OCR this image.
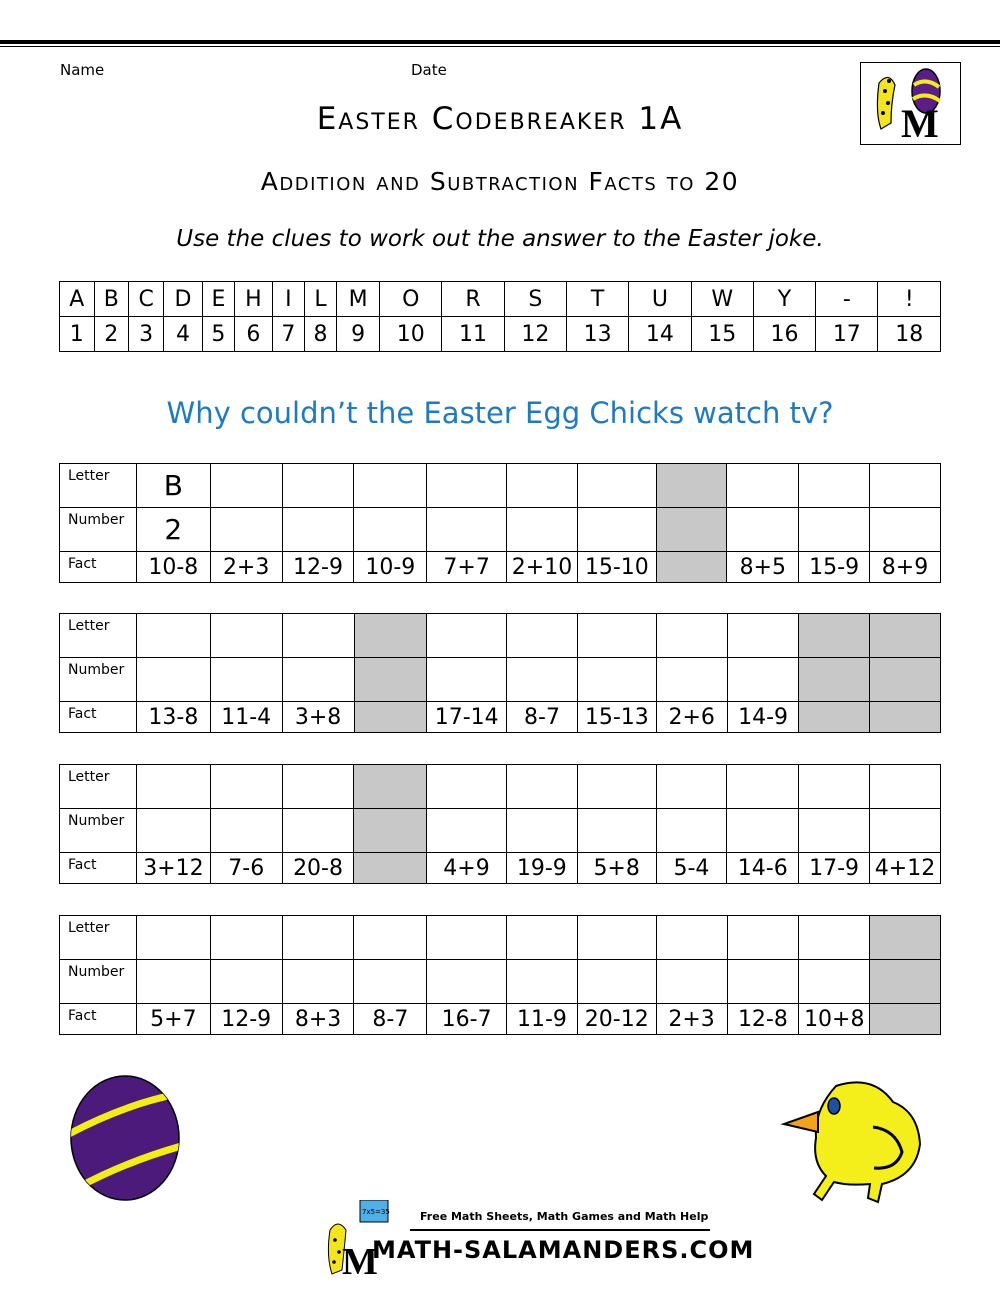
Name	Date
M
Easter Codebreaker 1A
Addition and Subtraction Facts to 20
Use the clues to work out the answer to the Easter joke.
A	B	C	D	E	H	I	L	M	O	R	S	T	U	W	Y	-	!
1	2	3	4	5	6	7	8	9	10	11	12	13	14	15	16	17	18
Why couldn’t the Easter Egg Chicks watch tv?
Letter	B										
Number	2										
Fact	10-8	2+3	12-9	10-9	7+7	2+10	15-10		8+5	15-9	8+9
Letter											
Number											
Fact	13-8	11-4	3+8		17-14	8-7	15-13	2+6	14-9		
Letter											
Number											
Fact	3+12	7-6	20-8		4+9	19-9	5+8	5-4	14-6	17-9	4+12
Letter											
Number											
Fact	5+7	12-9	8+3	8-7	16-7	11-9	20-12	2+3	12-8	10+8	
7x5=35
M
Free Math Sheets, Math Games and Math Help
MATH-SALAMANDERS.COM
